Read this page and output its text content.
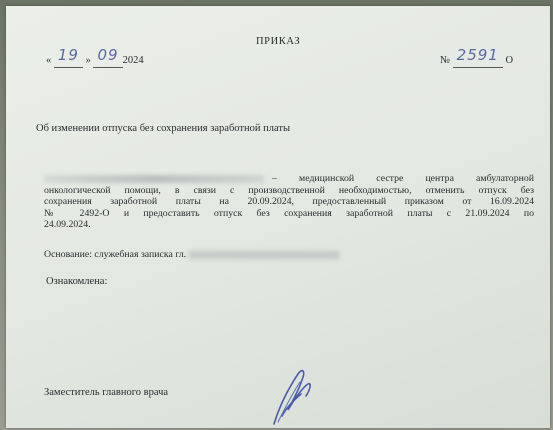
ПРИКАЗ
« 19 » 09 2024	№ 2591 О
Об изменении отпуска без сохранения заработной платы
– медицинской сестре центра амбулаторной
онкологической помощи, в связи с производственной необходимостью, отменить отпуск без
сохранения заработной платы на 20.09.2024, предоставленный приказом от 16.09.2024
№ 2492-О и предоставить отпуск без сохранения заработной платы с 21.09.2024 по
24.09.2024.
Основание: служебная записка гл.
Ознакомлена:
Заместитель главного врача
